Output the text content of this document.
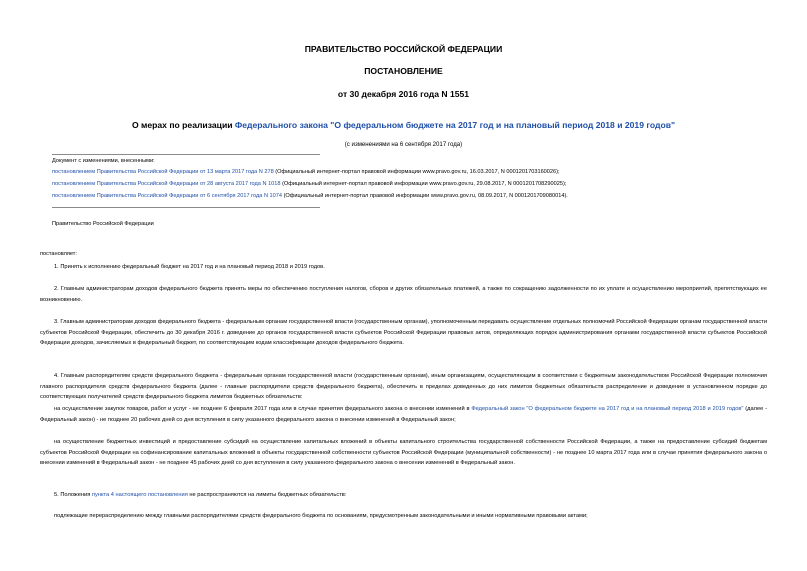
ПРАВИТЕЛЬСТВО РОССИЙСКОЙ ФЕДЕРАЦИИ
ПОСТАНОВЛЕНИЕ
от 30 декабря 2016 года N 1551
О мерах по реализации Федерального закона "О федеральном бюджете на 2017 год и на плановый период 2018 и 2019 годов"
(с изменениями на 6 сентября 2017 года)
Документ с изменениями, внесенными:
постановлением Правительства Российской Федерации от 13 марта 2017 года N 278 (Официальный интернет-портал правовой информации www.pravo.gov.ru, 16.03.2017, N 0001201703160026);
постановлением Правительства Российской Федерации от 28 августа 2017 года N 1018 (Официальный интернет-портал правовой информации www.pravo.gov.ru, 29.08.2017, N 0001201708290025);
постановлением Правительства Российской Федерации от 6 сентября 2017 года N 1074 (Официальный интернет-портал правовой информации www.pravo.gov.ru, 08.09.2017, N 0001201709080014).
Правительство Российской Федерации
постановляет:
1. Принять к исполнению федеральный бюджет на 2017 год и на плановый период 2018 и 2019 годов.
2. Главным администраторам доходов федерального бюджета принять меры по обеспечению поступления налогов, сборов и других обязательных платежей, а также по сокращению задолженности по их уплате и осуществлению мероприятий, препятствующих ее возникновению.
3. Главным администраторам доходов федерального бюджета - федеральным органам государственной власти (государственным органам), уполномоченным передавать осуществление отдельных полномочий Российской Федерации органам государственной власти субъектов Российской Федерации, обеспечить до 30 декабря 2016 г. доведение до органов государственной власти субъектов Российской Федерации правовых актов, определяющих порядок администрирования органами государственной власти субъектов Российской Федерации доходов, зачисляемых в федеральный бюджет, по соответствующим кодам классификации доходов федерального бюджета.
4. Главным распорядителям средств федерального бюджета - федеральным органам государственной власти (государственным органам), иным организациям, осуществляющим в соответствии с бюджетным законодательством Российской Федерации полномочия главного распорядителя средств федерального бюджета (далее - главные распорядители средств федерального бюджета), обеспечить в пределах доведенных до них лимитов бюджетных обязательств распределение и доведение в установленном порядке до соответствующих получателей средств федерального бюджета лимитов бюджетных обязательств:
на осуществление закупок товаров, работ и услуг - не позднее 6 февраля 2017 года или в случае принятия федерального закона о внесении изменений в Федеральный закон "О федеральном бюджете на 2017 год и на плановый период 2018 и 2019 годов" (далее - Федеральный закон) - не позднее 20 рабочих дней со дня вступления в силу указанного федерального закона о внесении изменений в Федеральный закон;
на осуществление бюджетных инвестиций и предоставление субсидий на осуществление капитальных вложений в объекты капитального строительства государственной собственности Российской Федерации, а также на предоставление субсидий бюджетам субъектов Российской Федерации на софинансирование капитальных вложений в объекты государственной собственности субъектов Российской Федерации (муниципальной собственности) - не позднее 10 марта 2017 года или в случае принятия федерального закона о внесении изменений в Федеральный закон - не позднее 45 рабочих дней со дня вступления в силу указанного федерального закона о внесении изменений в Федеральный закон.
5. Положения пункта 4 настоящего постановления не распространяются на лимиты бюджетных обязательств:
подлежащие перераспределению между главными распорядителями средств федерального бюджета по основаниям, предусмотренным законодательными и иными нормативными правовыми актами;
